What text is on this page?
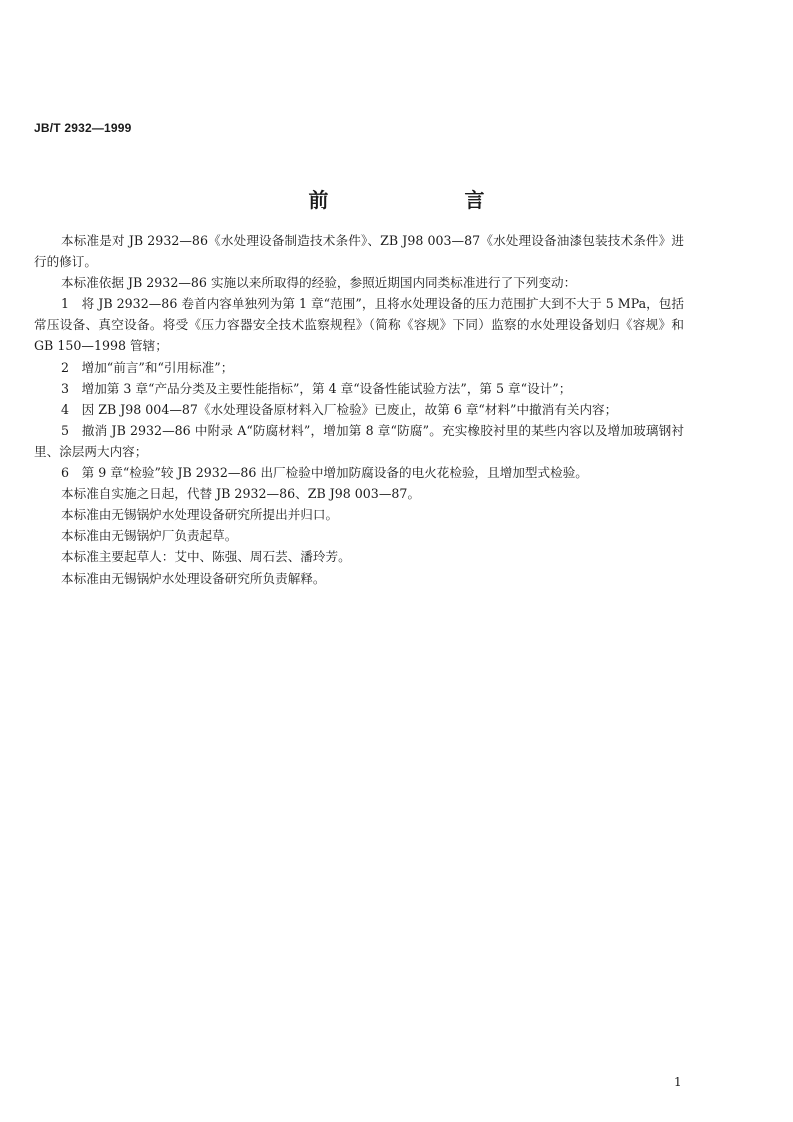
JB/T 2932—1999
前　言

本标准是对 JB 2932—86《水处理设备制造技术条件》、ZB J98 003—87《水处理设备油漆包装技术条件》进行的修订。

本标准依据 JB 2932—86 实施以来所取得的经验，参照近期国内同类标准进行了下列变动：

1　将 JB 2932—86 卷首内容单独列为第 1 章“范围”，且将水处理设备的压力范围扩大到不大于 5 MPa，包括常压设备、真空设备。将受《压力容器安全技术监察规程》（简称《容规》下同）监察的水处理设备划归《容规》和 GB 150—1998 管辖；

2　增加“前言”和“引用标准”；

3　增加第 3 章“产品分类及主要性能指标”，第 4 章“设备性能试验方法”，第 5 章“设计”；

4　因 ZB J98 004—87《水处理设备原材料入厂检验》已废止，故第 6 章“材料”中撤消有关内容；

5　撤消 JB 2932—86 中附录 A“防腐材料”，增加第 8 章“防腐”。充实橡胶衬里的某些内容以及增加玻璃钢衬里、涂层两大内容；

6　第 9 章“检验”较 JB 2932—86 出厂检验中增加防腐设备的电火花检验，且增加型式检验。

本标准自实施之日起，代替 JB 2932—86、ZB J98 003—87。

本标准由无锡锅炉水处理设备研究所提出并归口。

本标准由无锡锅炉厂负责起草。

本标准主要起草人：艾中、陈强、周石芸、潘玲芳。

本标准由无锡锅炉水处理设备研究所负责解释。

1
